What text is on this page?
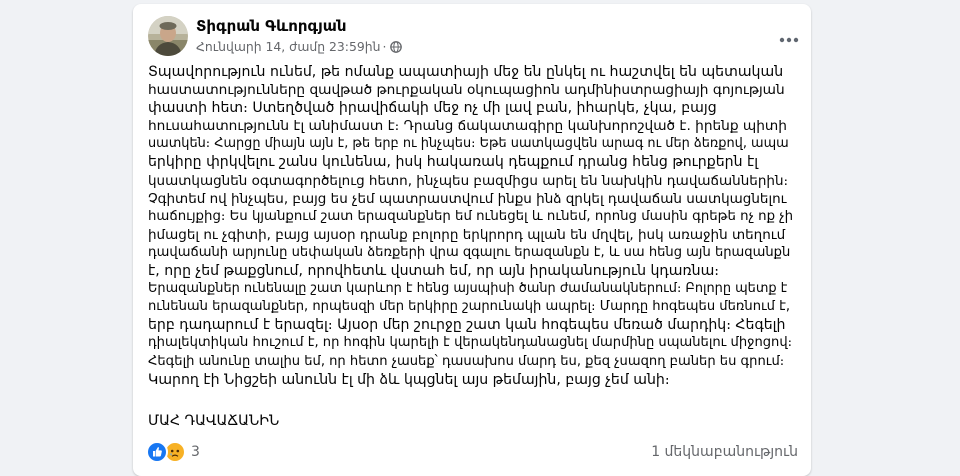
Տիգրան Գևորգյան
Հունվարի 14, ժամը 23:59ին ·
Տպավորություն ունեմ, թե ոմանք ապատիայի մեջ են ընկել ու հաշտվել են պետական
հաստատությունները զավթած թուրքական օկուպացիոն ադմինիստրացիայի գոյության
փաստի հետ։ Ստեղծված իրավիճակի մեջ ոչ մի լավ բան, իհարկե, չկա, բայց
հուսահատությունն էլ անիմաստ է։ Դրանց ճակատագիրը կանխորոշված է. իրենք պիտի
սատկեն։ Հարցը միայն այն է, թե երբ ու ինչպես։ Եթե սատկացվեն արագ ու մեր ձեռքով, ապա
երկիրը փրկվելու շանս կունենա, իսկ հակառակ դեպքում դրանց հենց թուրքերն էլ
կսատկացնեն օգտագործելուց հետո, ինչպես բազմիցս արել են նախկին դավաճաններին։
Չգիտեմ ով ինչպես, բայց ես չեմ պատրաստվում ինքս ինձ զրկել դավաճան սատկացնելու
հաճույքից։ Ես կյանքում շատ երազանքներ եմ ունեցել և ունեմ, որոնց մասին գրեթե ոչ ոք չի
իմացել ու չգիտի, բայց այսօր դրանք բոլորը երկրորդ պլան են մղվել, իսկ առաջին տեղում
դավաճանի արյունը սեփական ձեռքերի վրա զգալու երազանքն է, և սա հենց այն երազանքն
է, որը չեմ թաքցնում, որովհետև վստահ եմ, որ այն իրականություն կդառնա։
Երազանքներ ունենալը շատ կարևոր է հենց այսպիսի ծանր ժամանակներում։ Բոլորը պետք է
ունենան երազանքներ, որպեսզի մեր երկիրը շարունակի ապրել։ Մարդը հոգեպես մեռնում է,
երբ դադարում է երազել։ Այսօր մեր շուրջը շատ կան հոգեպես մեռած մարդիկ։ Հեգելի
դիալեկտիկան հուշում է, որ հոգին կարելի է վերակենդանացնել մարմինը սպանելու միջոցով։
Հեգելի անունը տալիս եմ, որ հետո չասեք՝ դասախոս մարդ ես, քեզ չսազող բաներ ես գրում։
Կարող էի Նիցշեի անունն էլ մի ձև կպցնել այս թեմային, բայց չեմ անի։
ՄԱՀ ԴԱՎԱՃԱՆԻՆ
3	1 մեկնաբանություն
